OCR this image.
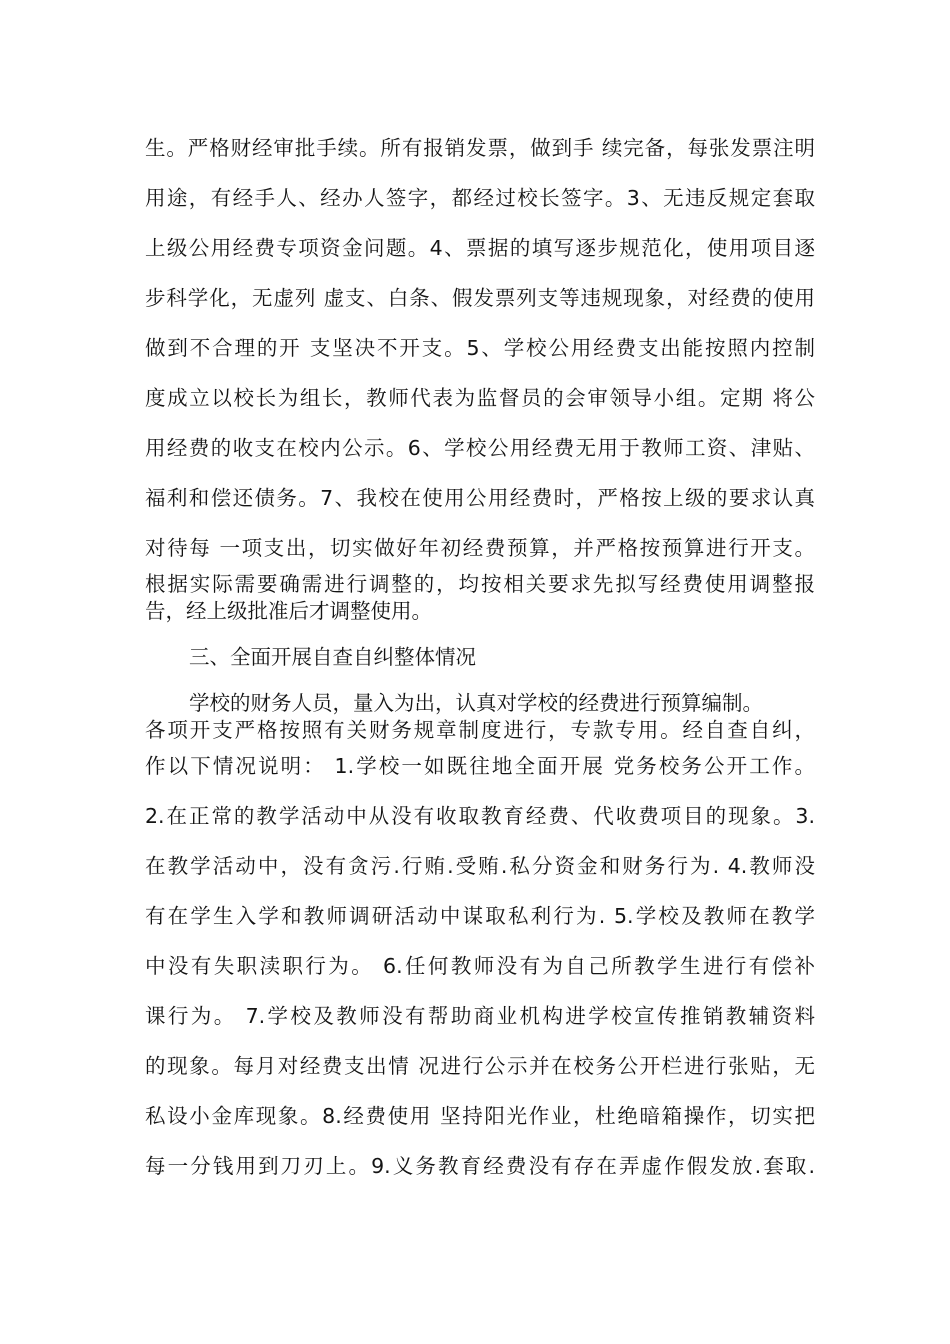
生。严格财经审批手续。所有报销发票，做到手 续完备，每张发票注明
用途，有经手人、经办人签字，都经过校长签字。3、无违反规定套取
上级公用经费专项资金问题。4、票据的填写逐步规范化，使用项目逐
步科学化，无虚列 虚支、白条、假发票列支等违规现象，对经费的使用
做到不合理的开 支坚决不开支。5、学校公用经费支出能按照内控制
度成立以校长为组长，教师代表为监督员的会审领导小组。定期 将公
用经费的收支在校内公示。6、学校公用经费无用于教师工资、津贴、
福利和偿还债务。7、我校在使用公用经费时，严格按上级的要求认真
对待每 一项支出，切实做好年初经费预算，并严格按预算进行开支。
根据实际需要确需进行调整的，均按相关要求先拟写经费使用调整报
告，经上级批准后才调整使用。
三、全面开展自查自纠整体情况
学校的财务人员，量入为出，认真对学校的经费进行预算编制。
各项开支严格按照有关财务规章制度进行，专款专用。经自查自纠，
作以下情况说明： 1.学校一如既往地全面开展 党务校务公开工作。
2.在正常的教学活动中从没有收取教育经费、代收费项目的现象。3.
在教学活动中，没有贪污.行贿.受贿.私分资金和财务行为. 4.教师没
有在学生入学和教师调研活动中谋取私利行为. 5.学校及教师在教学
中没有失职渎职行为。 6.任何教师没有为自己所教学生进行有偿补
课行为。 7.学校及教师没有帮助商业机构进学校宣传推销教辅资料
的现象。每月对经费支出情 况进行公示并在校务公开栏进行张贴，无
私设小金库现象。8.经费使用 坚持阳光作业，杜绝暗箱操作，切实把
每一分钱用到刀刃上。9.义务教育经费没有存在弄虚作假发放.套取.
